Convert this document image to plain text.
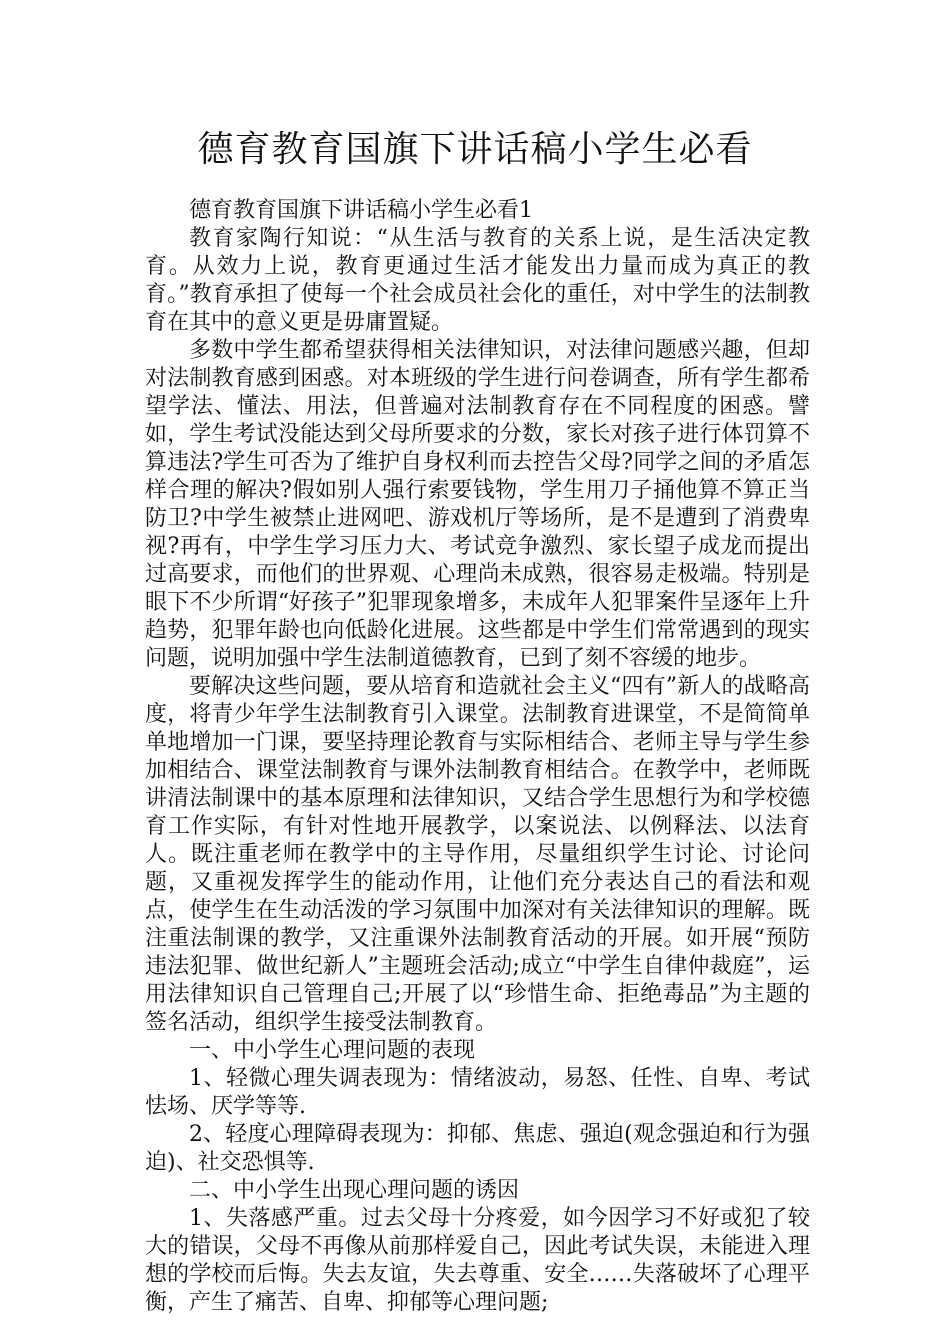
德育教育国旗下讲话稿小学生必看

德育教育国旗下讲话稿小学生必看1

教育家陶行知说：“从生活与教育的关系上说，是生活决定教育。从效力上说，教育更通过生活才能发出力量而成为真正的教育。”教育承担了使每一个社会成员社会化的重任，对中学生的法制教育在其中的意义更是毋庸置疑。

多数中学生都希望获得相关法律知识，对法律问题感兴趣，但却对法制教育感到困惑。对本班级的学生进行问卷调查，所有学生都希望学法、懂法、用法，但普遍对法制教育存在不同程度的困惑。譬如，学生考试没能达到父母所要求的分数，家长对孩子进行体罚算不算违法?学生可否为了维护自身权利而去控告父母?同学之间的矛盾怎样合理的解决?假如别人强行索要钱物，学生用刀子捅他算不算正当防卫?中学生被禁止进网吧、游戏机厅等场所，是不是遭到了消费卑视?再有，中学生学习压力大、考试竞争激烈、家长望子成龙而提出过高要求，而他们的世界观、心理尚未成熟，很容易走极端。特别是眼下不少所谓“好孩子”犯罪现象增多，未成年人犯罪案件呈逐年上升趋势，犯罪年龄也向低龄化进展。这些都是中学生们常常遇到的现实问题，说明加强中学生法制道德教育，已到了刻不容缓的地步。

要解决这些问题，要从培育和造就社会主义“四有”新人的战略高度，将青少年学生法制教育引入课堂。法制教育进课堂，不是简简单单地增加一门课，要坚持理论教育与实际相结合、老师主导与学生参加相结合、课堂法制教育与课外法制教育相结合。在教学中，老师既讲清法制课中的基本原理和法律知识，又结合学生思想行为和学校德育工作实际，有针对性地开展教学，以案说法、以例释法、以法育人。既注重老师在教学中的主导作用，尽量组织学生讨论、讨论问题，又重视发挥学生的能动作用，让他们充分表达自己的看法和观点，使学生在生动活泼的学习氛围中加深对有关法律知识的理解。既注重法制课的教学，又注重课外法制教育活动的开展。如开展“预防违法犯罪、做世纪新人”主题班会活动;成立“中学生自律仲裁庭”，运用法律知识自己管理自己;开展了以“珍惜生命、拒绝毒品”为主题的签名活动，组织学生接受法制教育。

一、中小学生心理问题的表现

1、轻微心理失调表现为：情绪波动，易怒、任性、自卑、考试怯场、厌学等等.

2、轻度心理障碍表现为：抑郁、焦虑、强迫(观念强迫和行为强迫)、社交恐惧等.

二、中小学生出现心理问题的诱因

1、失落感严重。过去父母十分疼爱，如今因学习不好或犯了较大的错误，父母不再像从前那样爱自己，因此考试失误，未能进入理想的学校而后悔。失去友谊，失去尊重、安全……失落破坏了心理平衡，产生了痛苦、自卑、抑郁等心理问题;
